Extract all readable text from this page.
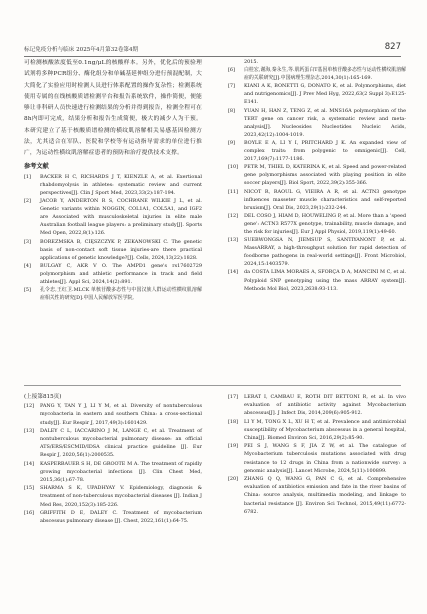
标记免疫分析与临床 2025年4月第32卷第4期	827

可检测核酸浓度低至0.1ng/μL的核酸样本。另外，优化后的预验理试剂将多种PCR组分、酶化组分和单碱基延伸组分进行预混配制，大大简化了实验应用时检测人员进行体系配置的操作复杂性；检测系统使用专属的在线核酸质谱检测平台和报告系统软件，操作简便，便能够让非科研人员快速进行检测结果的分析并得到报告，检测全程可在8h内即可完成，结果分析和报告生成简便，极大的减少人为干预。本研究建立了基于核酸质谱检测的横纹肌溶解相关易感基因检测方法，尤其适合在军队、医院和学校等有运动指导需求的单位进行推广，为运动性横纹肌溶解症患者的预防和治疗提供技术支撑。

参考文献
[1]	BACKER H C, RICHARDS J T, KIENZLE A, et al. Exertional rhabdomyolysis in athletes: systematic review and current perspectives[J]. Clin J Sport Med, 2023,33(2):187-194.
[2]	JACOB Y, ANDERTON R S, COCHRANE WILKIE J L, et al. Genetic variants within NOGGIN, COL1A1, COL5A1, and IGF2 are Associated with musculoskeletal injuries in elite male Australian football league players: a preliminary study[J]. Sports Med Open, 2022,8(1):126.
[3]	BOREZMSKA B, CIĘSZCZYK P, ZEKANOWSKI C. The genetic basis of non-contact soft tissue injuries-are there practical applications of genetic knowledge?[J]. Cells, 2024,13(22):1828.
[4]	BULGAY C, AKR V O. The AMPD1 gene's rs17602729 polymorphism and athletic performance in track and field athletes[J]. Appl Sci, 2024,14(2):891.
[5]	孔令忠,王红卫.MLCK 单核苷酸多态性与中国汉族人群运动性横纹肌溶解症相关性的研究[D].中国人民解放军医学院,
2015.
[6]	白桂宏,谢海,秦永生,等.肌钙蛋白T基因单核苷酸多态性与运动性横纹肌溶解症的关联研究[J].中国病理生理杂志,2014,30(1):165-169.
[7]	KIANI A K, BONETTI G, DONATO K, et al. Polymorphisms, diet and nutrigenomics[J]. J Prev Med Hyg, 2022,63(2 Suppl 3):E125-E141.
[8]	YUAN H, HAN Z, TENG Z, et al. MNS16A polymorphism of the TERT gene on cancer risk, a systematic review and meta-analysis[J]. Nucleosides Nucleotides Nucleic Acids, 2023,42(12):1004-1019.
[9]	BOYLE E A, LI Y I, PRITCHARD J K. An expanded view of complex traits: from polygenic to omnigenic[J]. Cell, 2017,169(7):1177-1186.
[10]	PETR M, THIEL D, KATERINA K, et al. Speed and power-related gene polymorphisms associated with playing position in elite soccer players[J]. Biol Sport, 2022,39(2):355-366.
[11]	NICOT R, RAOUL G, VIEIRA A R, et al. ACTN3 genotype influences masseter muscle characteristics and self-reported bruxism[J]. Oral Dis, 2023,29(1):232-244.
[12]	DEL COSO J, HIAM D, HOUWELING P, et al. More than a 'speed gene': ACTN3 R577X genotype, trainability, muscle damage, and the risk for injuries[J]. Eur J Appl Physiol, 2019,119(1):49-60.
[13]	SUEBWONGSA N, JIEMSUP S, SANTIYANONT P, et al. MassARRAY, a high-throughput solution for rapid detection of foodborne pathogens in real-world settings[J]. Front Microbiol, 2024,15:1403579.
[14]	da COSTA LIMA MORAES A, SFORÇA D A, MANCINI M C, et al. Polyploid SNP genotyping using the mass ARRAY system[J]. Methods Mol Biol, 2023,2638:93-113.
(上接第815页)
[12]	PANG Y, TAN Y J, LI Y M, et al. Diversity of nontuberculous mycobacteria in eastern and southern China: a cross-sectional study[J]. Eur Respir J, 2017,49(3):1601429.
[13]	DALEY C L, IACCARINO J M, LANGE C, et al. Treatment of nontuberculous mycobacterial pulmonary disease: an official ATS/ERS/ESCMID/IDSA clinical practice guideline [J]. Eur Respir J, 2020,56(1):2000535.
[14]	KASPERBAUER S H, DE GROOTE M A. The treatment of rapidly growing mycobacterial infections [J]. Clin Chest Med, 2015,36(1):67-78.
[15]	SHARMA S K, UPADHYAY V. Epidemiology, diagnosis & treatment of non-tuberculous mycobacterial diseases [J]. Indian J Med Res, 2020,152(3):185-226.
[16]	GRIFFITH D E, DALEY C. Treatment of mycobacterium abscessus pulmonary disease [J]. Chest, 2022,161(1):64-75.
[17]	LERAT I, CAMBAU E, ROTH DIT BETTONI R, et al. In vivo evaluation of antibiotic activity against Mycobacterium abscessus[J]. J Infect Dis, 2014,209(6):905-912.
[18]	LI Y M, TONG X L, XU H T, et al. Prevalence and antimicrobial susceptibility of Mycobacterium abscessus in a general hospital, China[J]. Biomed Environ Sci, 2016,29(2):85-90.
[19]	PEI S J, WANG S F, JIA Z W, et al. The catalogue of Mycobacterium tuberculosis mutations associated with drug resistance to 12 drugs in China from a nationwide survey: a genomic analysis[J]. Lancet Microbe, 2024,5(11):100899.
[20]	ZHANG Q Q, WANG G, PAN C G, et al. Comprehensive evaluation of antibiotics emission and fate in the river basins of China: source analysis, multimedia modeling, and linkage to bacterial resistance [J]. Environ Sci Technol, 2015,49(11):6772-6782.
